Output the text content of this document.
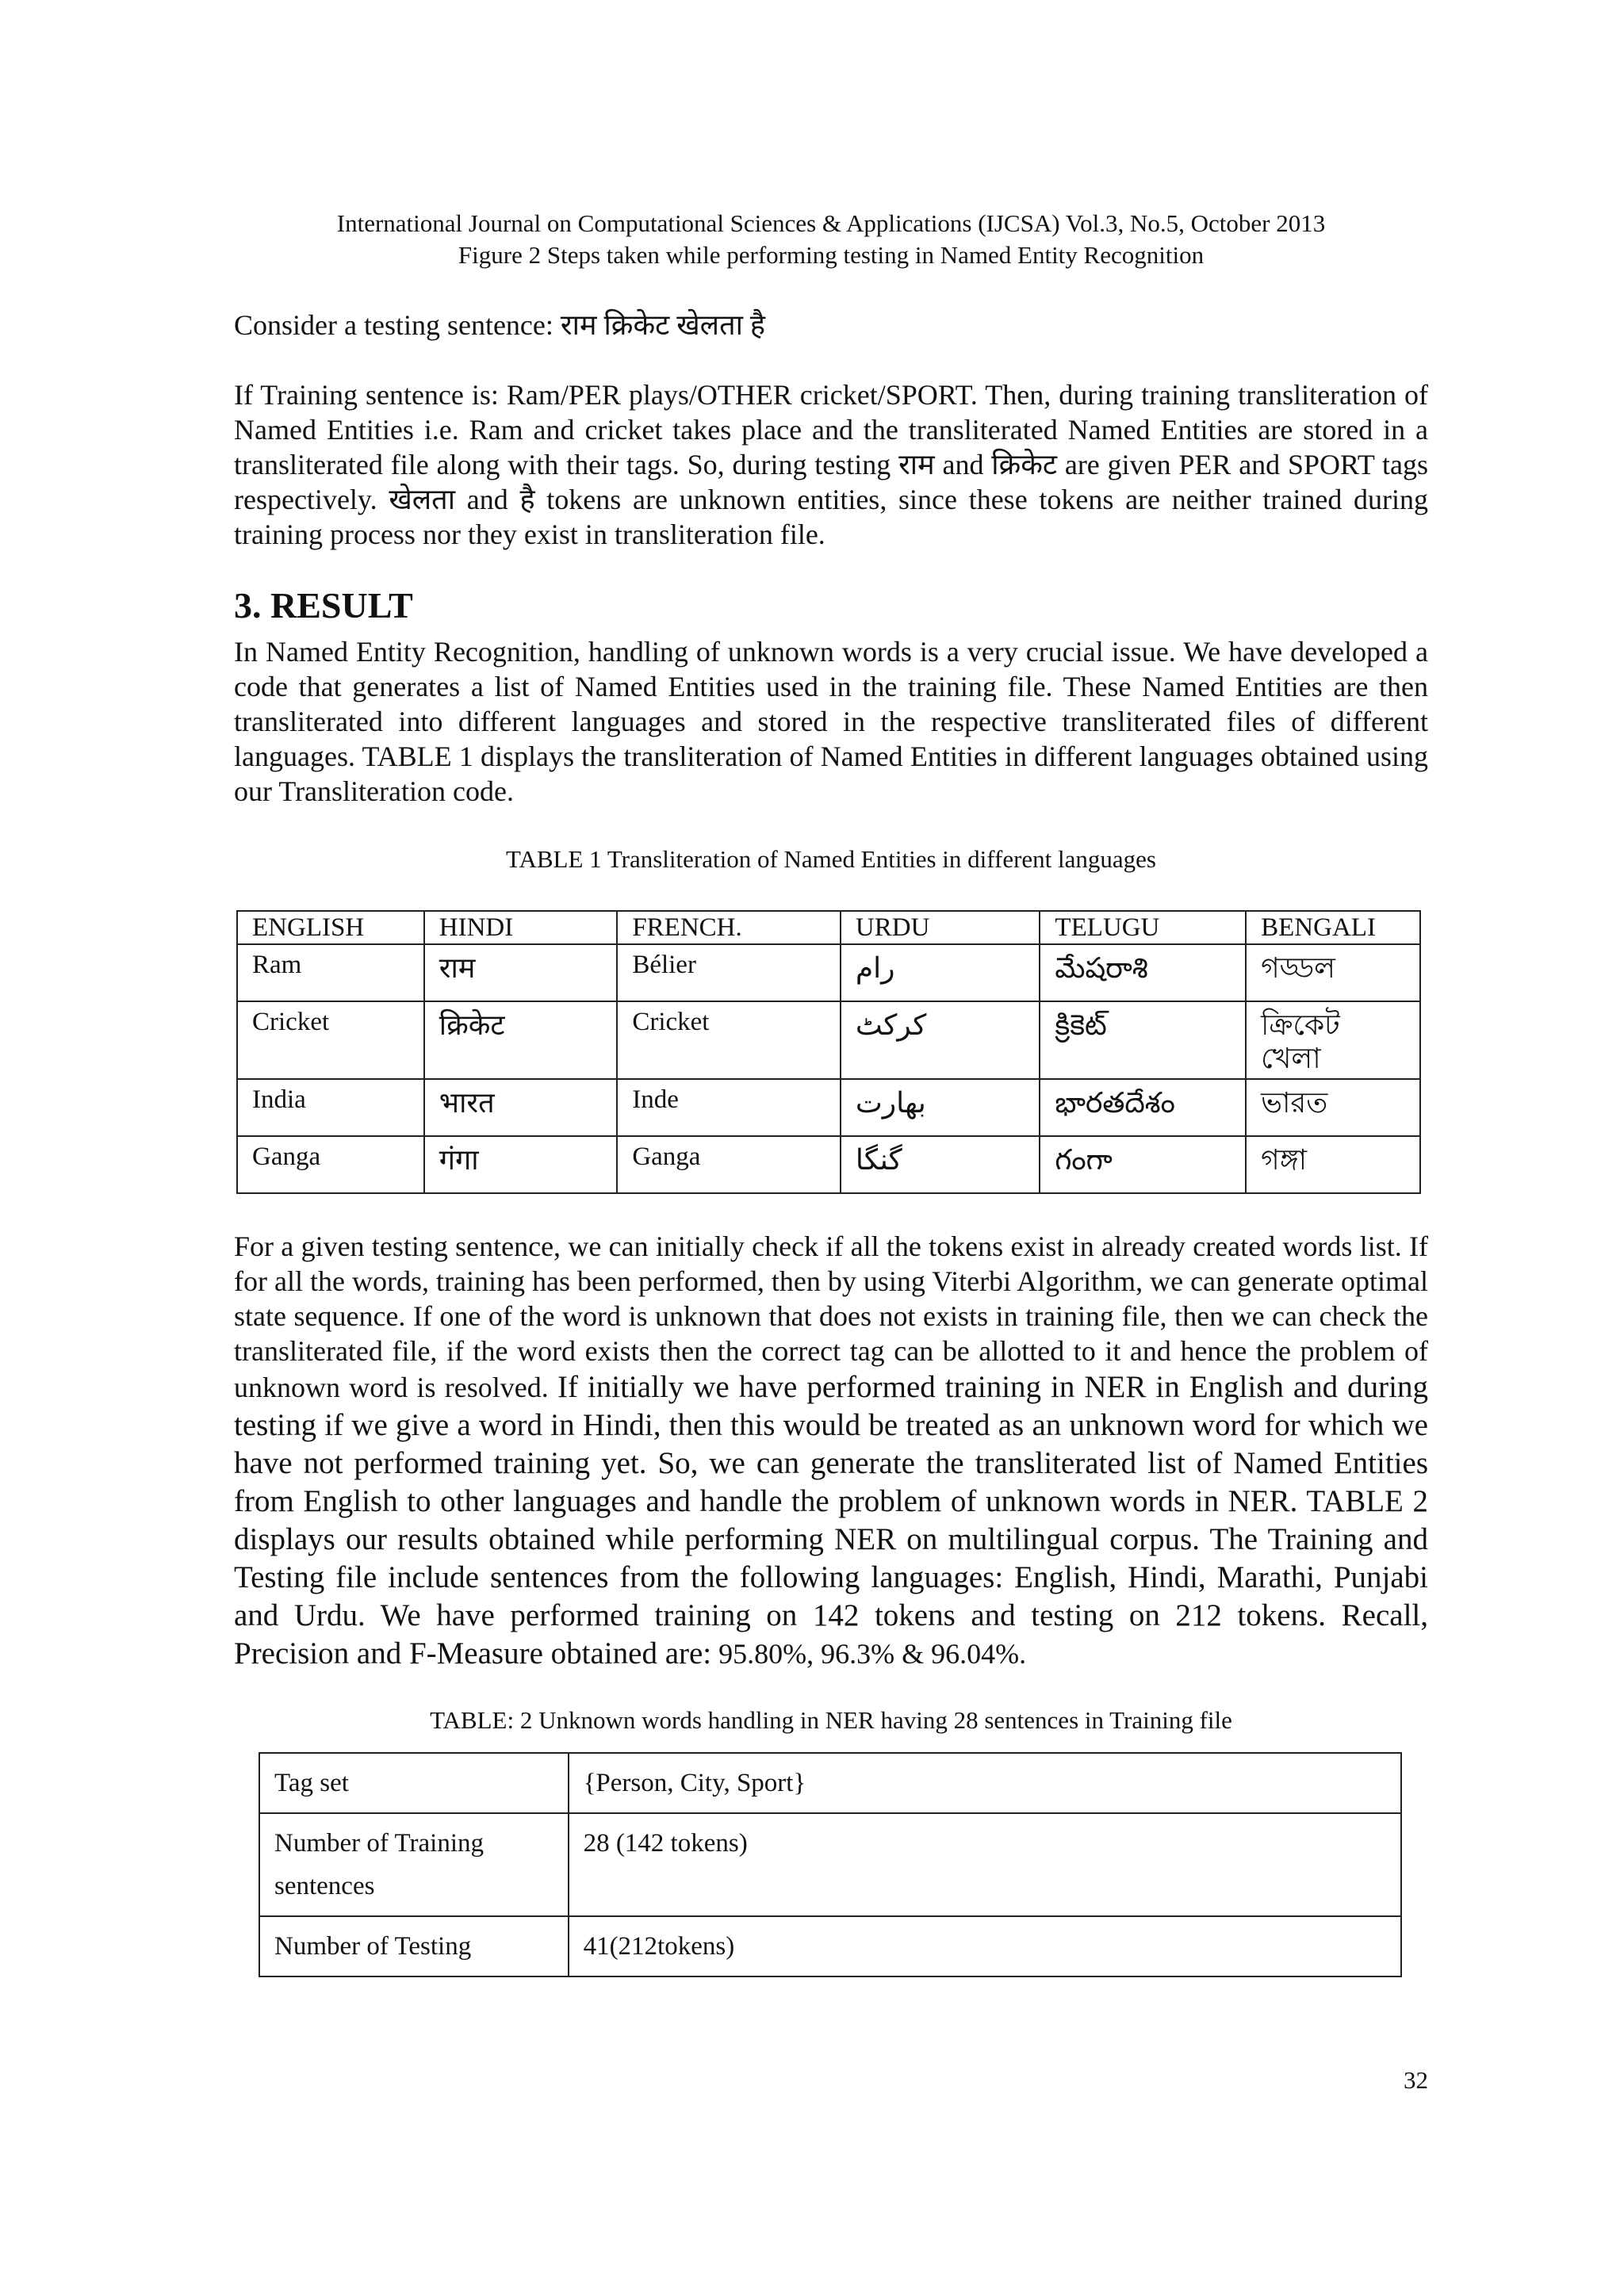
International Journal on Computational Sciences & Applications (IJCSA) Vol.3, No.5, October 2013
Figure 2 Steps taken while performing testing in Named Entity Recognition

Consider a testing sentence: राम क्रिकेट खेलता है

If Training sentence is: Ram/PER plays/OTHER cricket/SPORT. Then, during training transliteration of Named Entities i.e. Ram and cricket takes place and the transliterated Named Entities are stored in a transliterated file along with their tags. So, during testing राम and क्रिकेट are given PER and SPORT tags respectively. खेलता and है tokens are unknown entities, since these tokens are neither trained during training process nor they exist in transliteration file.

3. RESULT

In Named Entity Recognition, handling of unknown words is a very crucial issue. We have developed a code that generates a list of Named Entities used in the training file. These Named Entities are then transliterated into different languages and stored in the respective transliterated files of different languages. TABLE 1 displays the transliteration of Named Entities in different languages obtained using our Transliteration code.

TABLE 1 Transliteration of Named Entities in different languages
ENGLISH	HINDI	FRENCH.	URDU	TELUGU	BENGALI
Ram	राम	Bélier	رام	మేషరాశి	গড্ডল
Cricket	क्रिकेट	Cricket	کرکٹ	క్రికెట్	ক্রিকেট খেলা
India	भारत	Inde	بھارت	భారతదేశం	ভারত
Ganga	गंगा	Ganga	گنگا	గంగా	গঙ্গা

For a given testing sentence, we can initially check if all the tokens exist in already created words list. If for all the words, training has been performed, then by using Viterbi Algorithm, we can generate optimal state sequence. If one of the word is unknown that does not exists in training file, then we can check the transliterated file, if the word exists then the correct tag can be allotted to it and hence the problem of unknown word is resolved. If initially we have performed training in NER in English and during testing if we give a word in Hindi, then this would be treated as an unknown word for which we have not performed training yet. So, we can generate the transliterated list of Named Entities from English to other languages and handle the problem of unknown words in NER. TABLE 2 displays our results obtained while performing NER on multilingual corpus. The Training and Testing file include sentences from the following languages: English, Hindi, Marathi, Punjabi and Urdu. We have performed training on 142 tokens and testing on 212 tokens. Recall, Precision and F-Measure obtained are: 95.80%, 96.3% & 96.04%.

TABLE: 2 Unknown words handling in NER having 28 sentences in Training file
Tag set	{Person, City, Sport}
Number of Training sentences	28 (142 tokens)
Number of Testing	41(212tokens)
32
